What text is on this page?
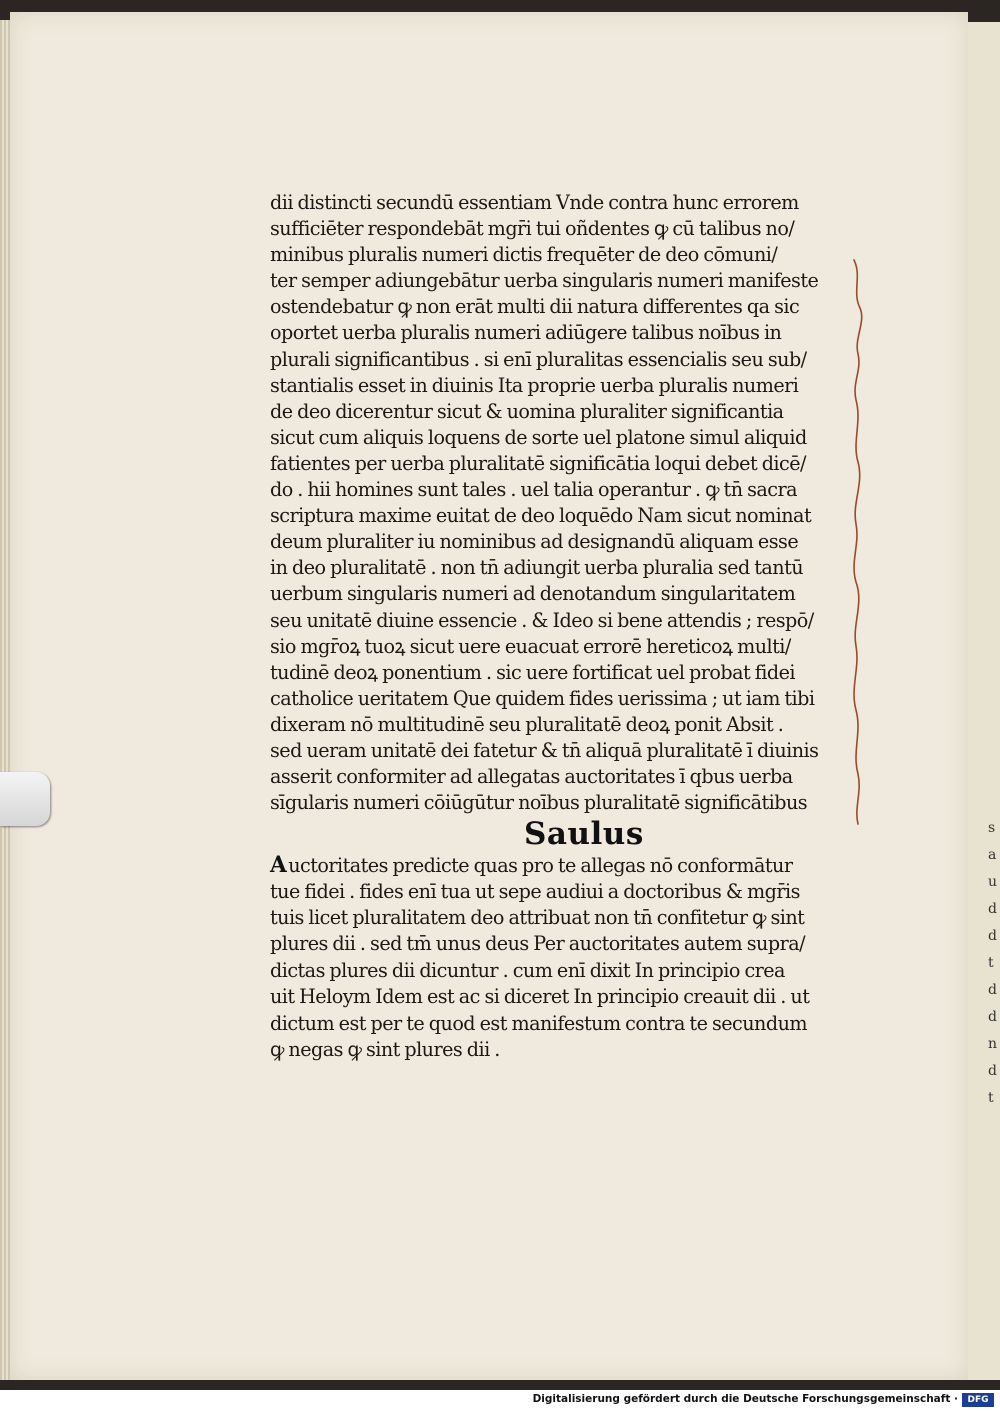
dii distincti secundū essentiam Vnde contra hunc errorem
sufficiēter respondebāt mgr̄i tui oñdentes ꝙ cū talibus no/
minibus pluralis numeri dictis frequēter de deo cōmuni/
ter semper adiungebātur uerba singularis numeri manifeste
ostendebatur ꝙ non erāt multi dii natura differentes qa sic
oportet uerba pluralis numeri adiūgere talibus noībus in
plurali significantibus . si enī pluralitas essencialis seu sub/
stantialis esset in diuinis Ita proprie uerba pluralis numeri
de deo dicerentur sicut & uomina pluraliter significantia
sicut cum aliquis loquens de sorte uel platone simul aliquid
fatientes per uerba pluralitatē significātia loqui debet dicē/
do . hii homines sunt tales . uel talia operantur . ꝙ tn̄ sacra
scriptura maxime euitat de deo loquēdo Nam sicut nominat
deum pluraliter iu nominibus ad designandū aliquam esse
in deo pluralitatē . non tn̄ adiungit uerba pluralia sed tantū
uerbum singularis numeri ad denotandum singularitatem
seu unitatē diuine essencie . & Ideo si bene attendis ; respō/
sio mgr̄oꝝ tuoꝝ sicut uere euacuat errorē hereticoꝝ multi/
tudinē deoꝝ ponentium . sic uere fortificat uel probat fidei
catholice ueritatem Que quidem fides uerissima ; ut iam tibi
dixeram nō multitudinē seu pluralitatē deoꝝ ponit Absit .
sed ueram unitatē dei fatetur & tn̄ aliquā pluralitatē ī diuinis
asserit conformiter ad allegatas auctoritates ī qbus uerba
sīgularis numeri cōiūgūtur noībus pluralitatē significātibus
Saulus
A uctoritates predicte quas pro te allegas nō conformātur
tue fidei . fides enī tua ut sepe audiui a doctoribus & mgr̄is
tuis licet pluralitatem deo attribuat non tn̄ confitetur ꝙ sint
plures dii . sed tm̄ unus deus Per auctoritates autem supra/
dictas plures dii dicuntur . cum enī dixit In principio crea
uit Heloym Idem est ac si diceret In principio creauit dii . ut
dictum est per te quod est manifestum contra te secundum
ꝙ negas ꝙ sint plures dii .
s
a
u
d
d
t
d
d
n
d
t

Digitalisierung gefördert durch die Deutsche Forschungsgemeinschaft ·	DFG
